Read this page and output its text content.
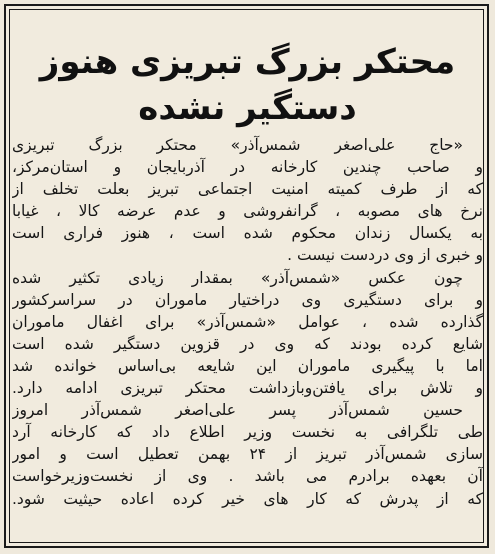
محتکر بزرگ تبریزی هنوز
دستگیر نشده
«حاج علی‌اصغر شمس‌آذر» محتکر بزرگ تبریزی
و صاحب چندین کارخانه در آذربایجان و استان‌مرکز،
که از طرف کمیته امنیت اجتماعی تبریز بعلت تخلف از
نرخ های مصوبه ، گرانفروشی و عدم عرضه کالا ، غیابا
به یکسال زندان محکوم شده است ، هنوز فراری است
و خبری از وی دردست نیست .
چون عکس «شمس‌آذر» بمقدار زیادی تکثیر شده
و برای دستگیری وی دراختیار ماموران در سراسرکشور
گذارده شده ، عوامل «شمس‌آذر» برای اغفال ماموران
شایع کرده بودند که وی در قزوین دستگیر شده است
اما با پیگیری ماموران این شایعه بی‌اساس خوانده شد
و تلاش برای یافتن‌وبازداشت محتکر تبریزی ادامه دارد.
حسین شمس‌آذر پسر علی‌اصغر شمس‌آذر امروز
طی تلگرافی به نخست وزیر اطلاع داد که کارخانه آرد
سازی شمس‌آذر تبریز از ۲۴ بهمن تعطیل است و امور
آن بعهده برادرم می باشد . وی از نخست‌وزیرخواست
که از پدرش که کار های خیر کرده اعاده حیثیت شود.
